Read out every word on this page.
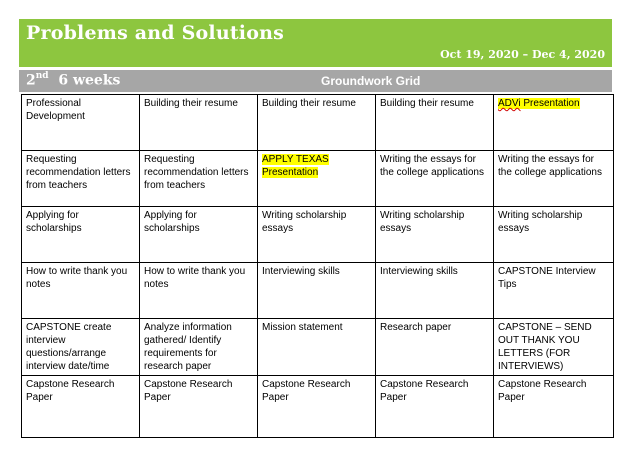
Problems and Solutions
Oct 19, 2020 – Dec 4, 2020
2nd 6 weeks	Groundwork Grid
Professional Development	Building their resume	Building their resume	Building their resume	ADVi Presentation
Requesting recommendation letters from teachers	Requesting recommendation letters from teachers	APPLY TEXAS Presentation	Writing the essays for the college applications	Writing the essays for the college applications
Applying for scholarships	Applying for scholarships	Writing scholarship essays	Writing scholarship essays	Writing scholarship essays
How to write thank you notes	How to write thank you notes	Interviewing skills	Interviewing skills	CAPSTONE Interview Tips
CAPSTONE create interview questions/arrange interview date/time	Analyze information gathered/ Identify requirements for research paper	Mission statement	Research paper	CAPSTONE – SEND OUT THANK YOU LETTERS (FOR INTERVIEWS)
Capstone Research Paper	Capstone Research Paper	Capstone Research Paper	Capstone Research Paper	Capstone Research Paper
